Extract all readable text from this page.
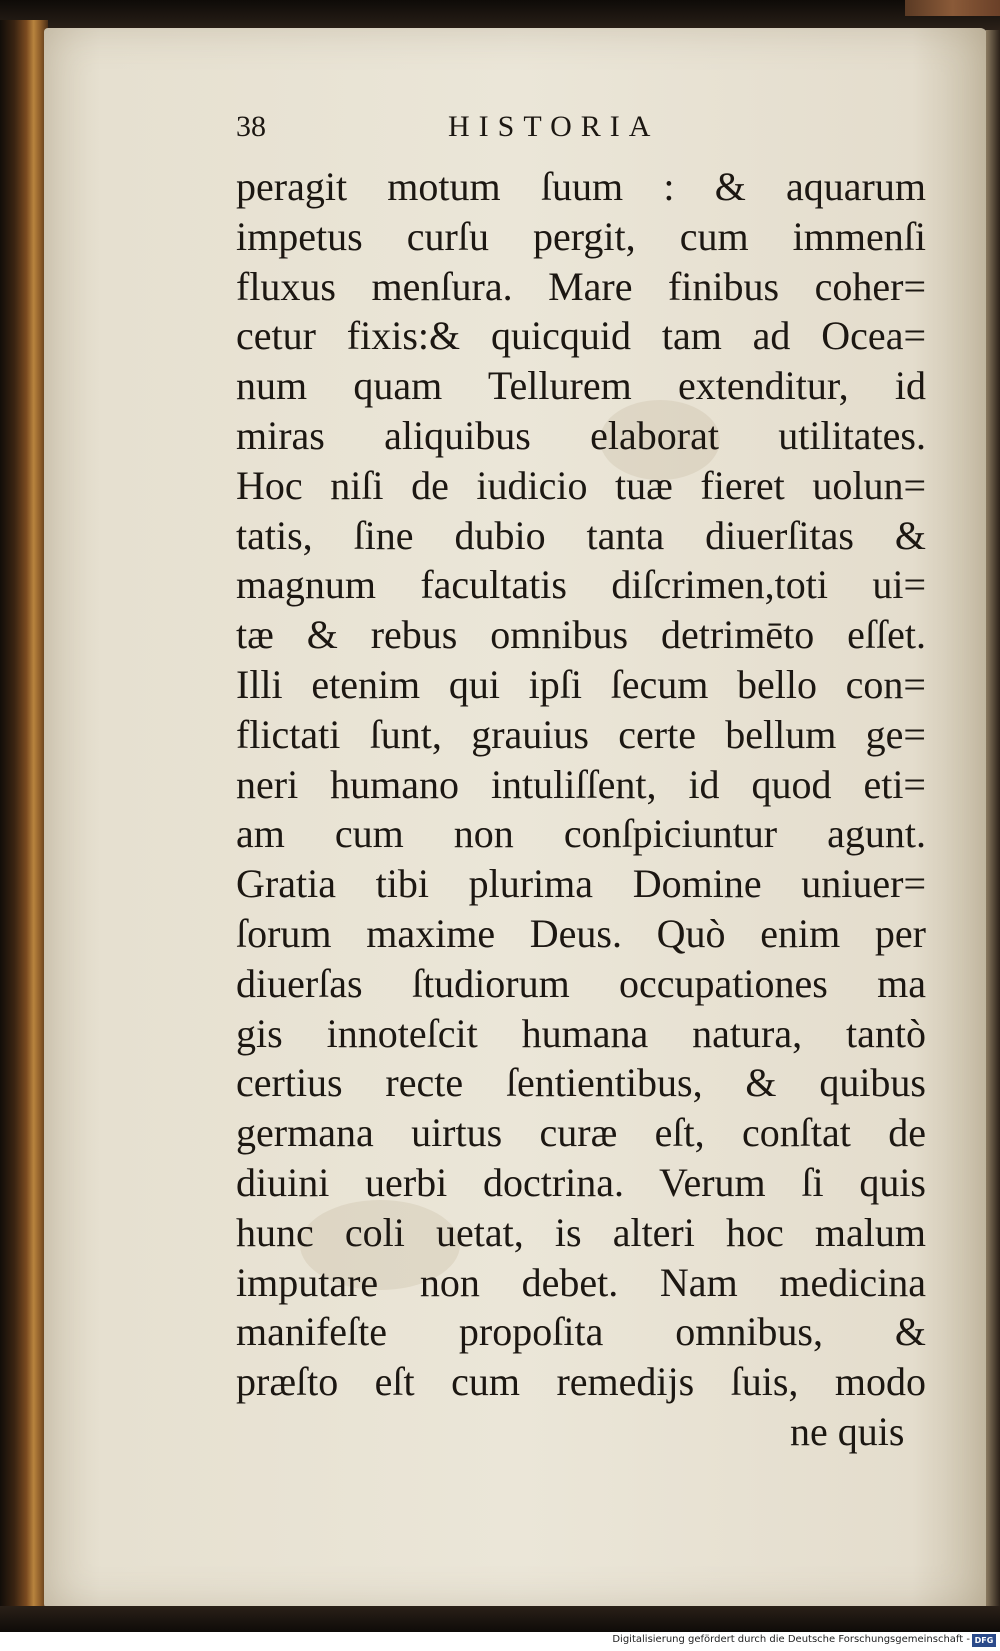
38	HISTORIA
peragit motum ſuum : & aquarum
impetus curſu pergit, cum immenſi
fluxus menſura. Mare finibus coher=
cetur fixis:& quicquid tam ad Ocea=
num quam Tellurem extenditur, id
miras aliquibus elaborat utilitates.
Hoc niſi de iudicio tuæ fieret uolun=
tatis, ſine dubio tanta diuerſitas &
magnum facultatis diſcrimen,toti ui=
tæ & rebus omnibus detrimēto eſſet.
Illi etenim qui ipſi ſecum bello con=
flictati ſunt, grauius certe bellum ge=
neri humano intuliſſent, id quod eti=
am cum non conſpiciuntur agunt.
Gratia tibi plurima Domine uniuer=
ſorum maxime Deus. Quò enim per
diuerſas ſtudiorum occupationes ma
gis innoteſcit humana natura, tantò
certius recte ſentientibus, & quibus
germana uirtus curæ eſt, conſtat de
diuini uerbi doctrina. Verum ſi quis
hunc coli uetat, is alteri hoc malum
imputare non debet. Nam medicina
manifeſte propoſita omnibus, &
præſto eſt cum remedijs ſuis, modo
ne quis
Digitalisierung gefördert durch die Deutsche Forschungsgemeinschaft - DFG
